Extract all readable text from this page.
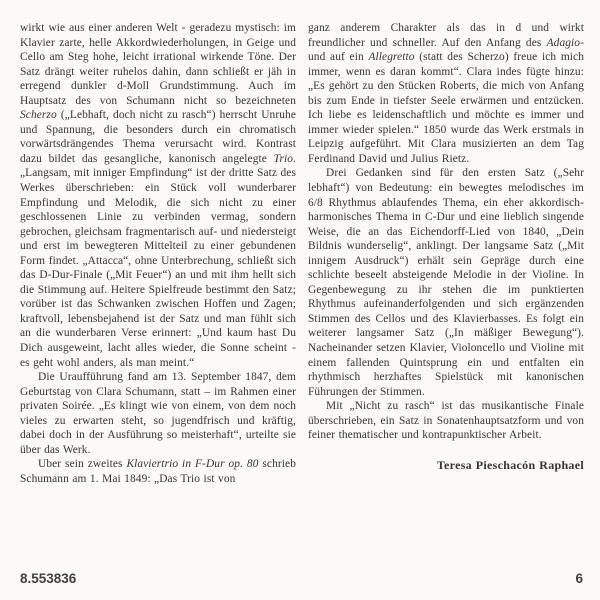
wirkt wie aus einer anderen Welt - geradezu mystisch: im Klavier zarte, helle Akkordwiederholungen, in Geige und Cello am Steg hohe, leicht irrational wirkende Töne. Der Satz drängt weiter ruhelos dahin, dann schließt er jäh in erregend dunkler d-Moll Grundstimmung. Auch im Hauptsatz des von Schumann nicht so bezeichneten Scherzo („Lebhaft, doch nicht zu rasch“) herrscht Unruhe und Spannung, die besonders durch ein chromatisch vorwärtsdrängendes Thema verursacht wird. Kontrast dazu bildet das gesangliche, kanonisch angelegte Trio. „Langsam, mit inniger Empfindung“ ist der dritte Satz des Werkes überschrieben: ein Stück voll wunderbarer Empfindung und Melodik, die sich nicht zu einer geschlossenen Linie zu verbinden vermag, sondern gebrochen, gleichsam fragmentarisch auf- und niedersteigt und erst im bewegteren Mittelteil zu einer gebundenen Form findet. „Attacca“, ohne Unterbrechung, schließt sich das D-Dur-Finale („Mit Feuer“) an und mit ihm hellt sich die Stimmung auf. Heitere Spielfreude bestimmt den Satz; vorüber ist das Schwanken zwischen Hoffen und Zagen; kraftvoll, lebensbejahend ist der Satz und man fühlt sich an die wunderbaren Verse erinnert: „Und kaum hast Du Dich ausgeweint, lacht alles wieder, die Sonne scheint - es geht wohl anders, als man meint.“

Die Uraufführung fand am 13. September 1847, dem Geburtstag von Clara Schumann, statt – im Rahmen einer privaten Soirée. „Es klingt wie von einem, von dem noch vieles zu erwarten steht, so jugendfrisch und kräftig, dabei doch in der Ausführung so meisterhaft“, urteilte sie über das Werk.

Uber sein zweites Klaviertrio in F-Dur op. 80 schrieb Schumann am 1. Mai 1849: „Das Trio ist von

ganz anderem Charakter als das in d und wirkt freundlicher und schneller. Auf den Anfang des Adagio- und auf ein Allegretto (statt des Scherzo) freue ich mich immer, wenn es daran kommt“. Clara indes fügte hinzu: „Es gehört zu den Stücken Roberts, die mich von Anfang bis zum Ende in tiefster Seele erwärmen und entzücken. Ich liebe es leidenschaftlich und möchte es immer und immer wieder spielen.“ 1850 wurde das Werk erstmals in Leipzig aufgeführt. Mit Clara musizierten an dem Tag Ferdinand David und Julius Rietz.

Drei Gedanken sind für den ersten Satz („Sehr lebhaft“) von Bedeutung: ein bewegtes melodisches im 6/8 Rhythmus ablaufendes Thema, ein eher akkordisch-harmonisches Thema in C-Dur und eine lieblich singende Weise, die an das Eichendorff-Lied von 1840, „Dein Bildnis wunderselig“, anklingt. Der langsame Satz („Mit innigem Ausdruck“) erhält sein Gepräge durch eine schlichte beseelt absteigende Melodie in der Violine. In Gegenbewegung zu ihr stehen die im punktierten Rhythmus aufeinanderfolgenden und sich ergänzenden Stimmen des Cellos und des Klavierbasses. Es folgt ein weiterer langsamer Satz („In mäßiger Bewegung“). Nacheinander setzen Klavier, Violoncello und Violine mit einem fallenden Quintsprung ein und entfalten ein rhythmisch herzhaftes Spielstück mit kanonischen Führungen der Stimmen.

Mit „Nicht zu rasch“ ist das musikantische Finale überschrieben, ein Satz in Sonatenhauptsatzform und von feiner thematischer und kontrapunktischer Arbeit.

Teresa Pieschacón Raphael

8.553836	6
